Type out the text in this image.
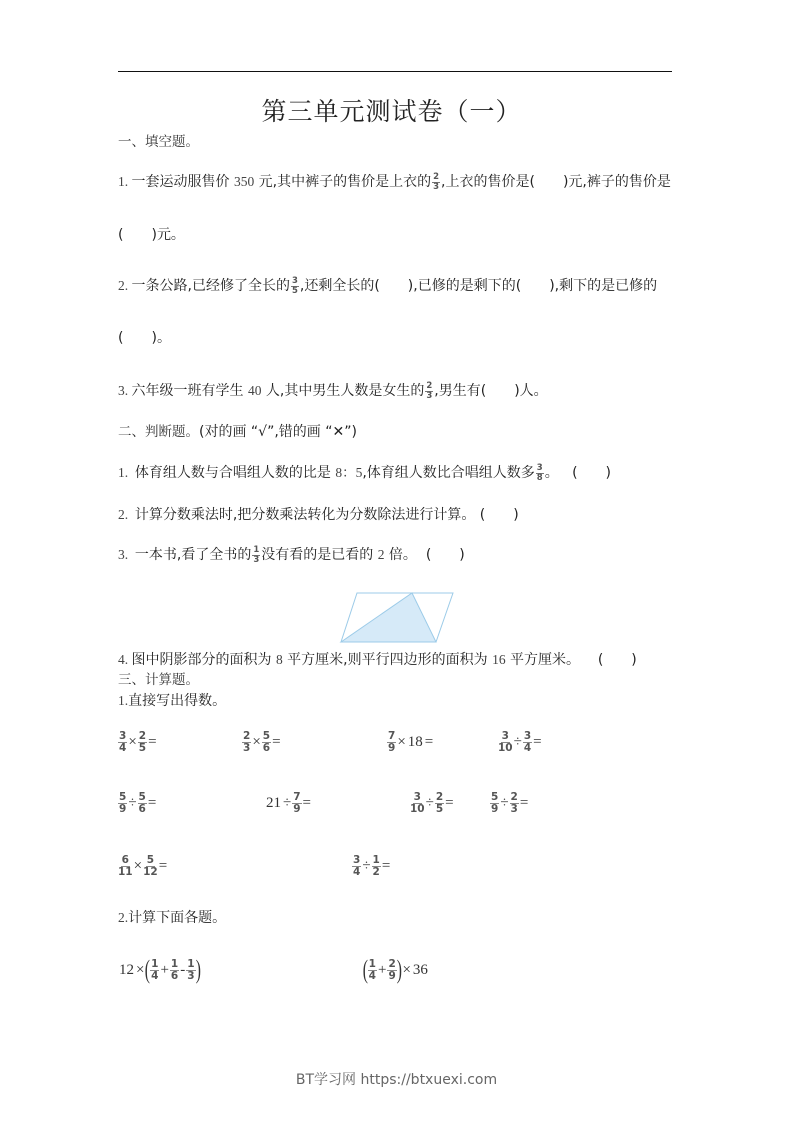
第三单元测试卷（一）
一、填空题。
1. 一套运动服售价 350 元,其中裤子的售价是上衣的 $\frac{2}{3}$ ,上衣的售价是( )元,裤子的售价是
( )元。
2. 一条公路,已经修了全长的 $\frac{3}{5}$ ,还剩全长的( ),已修的是剩下的( ),剩下的是已修的
( )。
3. 六年级一班有学生 40 人,其中男生人数是女生的 $\frac{2}{3}$ ,男生有( )人。
二、判断题。(对的画 “√”,错的画 “✕”)
1.  体育组人数与合唱组人数的比是 8：5,体育组人数比合唱组人数多 $\frac{3}{8}$ 。   ( )
2.  计算分数乘法时,把分数乘法转化为分数除法进行计算。 ( )
3.  一本书,看了全书的 $\frac{1}{3}$ 没有看的是已看的 2 倍。  ( )
4. 图中阴影部分的面积为 8 平方厘米,则平行四边形的面积为 16 平方厘米。    ( )
三、计算题。
1.直接写出得数。
$\frac{3}{4} \times \frac{2}{5}$ =	$\frac{2}{3} \times \frac{5}{6}$ =	$\frac{7}{9} \times 18$ =	$\frac{3}{10} \div \frac{3}{4}$ =
$\frac{5}{9} \div \frac{5}{6}$ =	$21 \div \frac{7}{9}$ =	$\frac{3}{10} \div \frac{2}{5}$ =	$\frac{5}{9} \div \frac{2}{3}$ =
$\frac{6}{11} \times \frac{5}{12}$ =	$\frac{3}{4} \div \frac{1}{2}$ =
2.计算下面各题。
12 × ( $\frac{1}{4} + \frac{1}{6} - \frac{1}{3}$ )	( $\frac{1}{4} + \frac{2}{9}$ ) × 36
BT学习网 https://btxuexi.com
